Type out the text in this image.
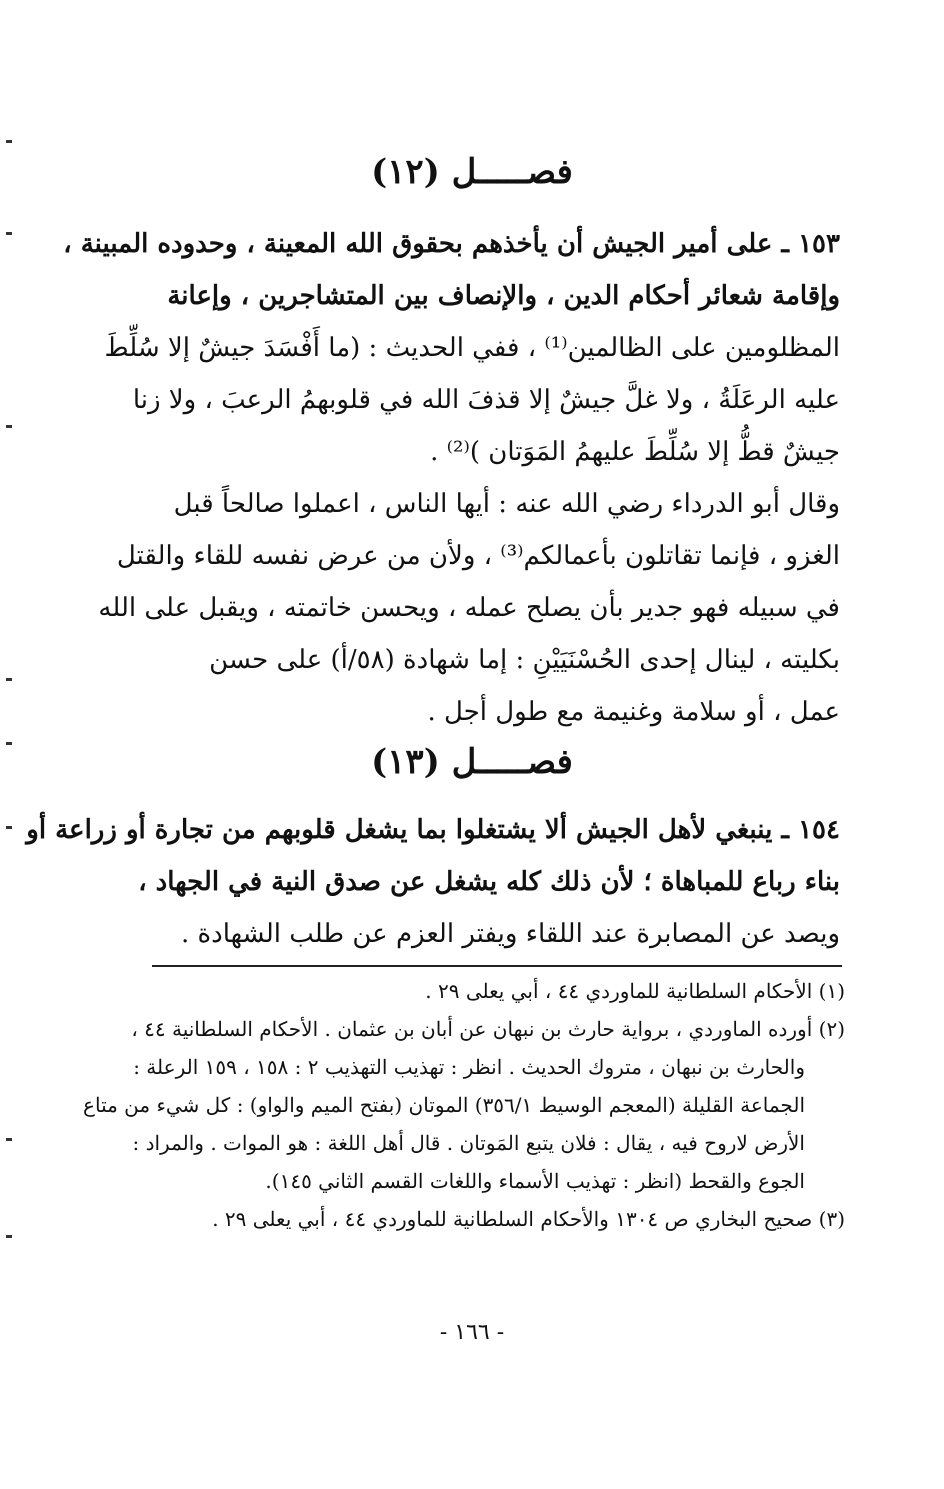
فصـــــل (١٢)
١٥٣ ـ على أمير الجيش أن يأخذهم بحقوق الله المعينة ، وحدوده المبينة ،
وإقامة شعائر أحكام الدين ، والإنصاف بين المتشاجرين ، وإعانة
المظلومين على الظالمين⁽¹⁾ ، ففي الحديث : (ما أَفْسَدَ جيشٌ إلا سُلِّطَ
عليه الرعَلَةُ ، ولا غلَّ جيشٌ إلا قذفَ الله في قلوبهمُ الرعبَ ، ولا زنا
جيشٌ قطُّ إلا سُلِّطَ عليهمُ المَوَتان )⁽²⁾ .
وقال أبو الدرداء رضي الله عنه : أيها الناس ، اعملوا صالحاً قبل
الغزو ، فإنما تقاتلون بأعمالكم⁽³⁾ ، ولأن من عرض نفسه للقاء والقتل
في سبيله فهو جدير بأن يصلح عمله ، ويحسن خاتمته ، ويقبل على الله
بكليته ، لينال إحدى الحُسْنَيَيْنِ : إما شهادة (٥٨/أ) على حسن
عمل ، أو سلامة وغنيمة مع طول أجل .
فصـــــل (١٣)
١٥٤ ـ ينبغي لأهل الجيش ألا يشتغلوا بما يشغل قلوبهم من تجارة أو زراعة أو
بناء رباع للمباهاة ؛ لأن ذلك كله يشغل عن صدق النية في الجهاد ،
ويصد عن المصابرة عند اللقاء ويفتر العزم عن طلب الشهادة .
(١) الأحكام السلطانية للماوردي ٤٤ ، أبي يعلى ٢٩ .
(٢) أورده الماوردي ، برواية حارث بن نبهان عن أبان بن عثمان . الأحكام السلطانية ٤٤ ،
والحارث بن نبهان ، متروك الحديث . انظر : تهذيب التهذيب ٢ : ١٥٨ ، ١٥٩ الرعلة :
الجماعة القليلة (المعجم الوسيط ٣٥٦/١) الموتان (بفتح الميم والواو) : كل شيء من متاع
الأرض لاروح فيه ، يقال : فلان يتبع المَوتان . قال أهل اللغة : هو الموات . والمراد :
الجوع والقحط (انظر : تهذيب الأسماء واللغات القسم الثاني ١٤٥).
(٣) صحيح البخاري ص ١٣٠٤ والأحكام السلطانية للماوردي ٤٤ ، أبي يعلى ٢٩ .
- ١٦٦ -
